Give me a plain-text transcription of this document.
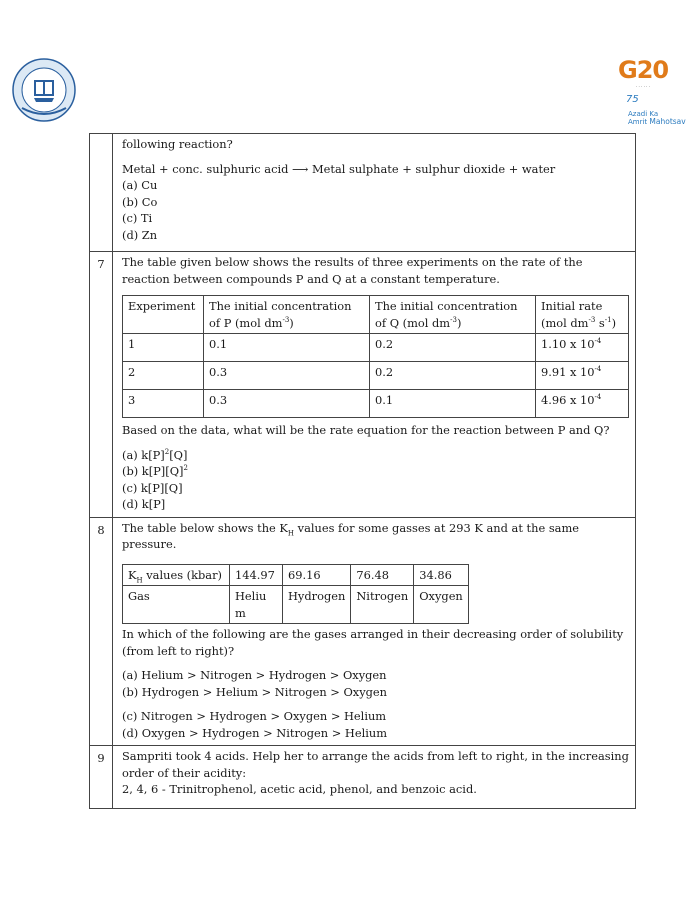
G20
· · · · · ·
75
Azadi Ka
Amrit Mahotsav

following reaction?

Metal + conc. sulphuric acid ⟶ Metal sulphate + sulphur dioxide + water

(a) Cu

(b) Co

(c) Ti

(d) Zn

7	The table given below shows the results of three experiments on the rate of the reaction between compounds P and Q at a constant temperature.

Experiment	The initial concentration of P (mol $dm^{-3}$)	The initial concentration of Q (mol $dm^{-3}$)	Initial rate (mol $dm^{-3}$ $s^{-1}$)
1	0.1	0.2	1.10 x $10^{-4}$
2	0.3	0.2	9.91 x $10^{-4}$
3	0.3	0.1	4.96 x $10^{-4}$

Based on the data, what will be the rate equation for the reaction between P and Q?

(a) $k[P]^2[Q]$

(b) $k[P][Q]^2$

(c) k[P][Q]

(d) k[P]

8	The table below shows the $K_H$ values for some gasses at 293 K and at the same pressure.

$K_H$ values (kbar)	144.97	69.16	76.48	34.86
Gas	Heliu m	Hydrogen	Nitrogen	Oxygen

In which of the following are the gases arranged in their decreasing order of solubility (from left to right)?

(a) Helium > Nitrogen > Hydrogen > Oxygen

(b) Hydrogen > Helium > Nitrogen > Oxygen

(c) Nitrogen > Hydrogen > Oxygen > Helium

(d) Oxygen > Hydrogen > Nitrogen > Helium

9	Sampriti took 4 acids. Help her to arrange the acids from left to right, in the increasing order of their acidity:

2, 4, 6 - Trinitrophenol, acetic acid, phenol, and benzoic acid.
